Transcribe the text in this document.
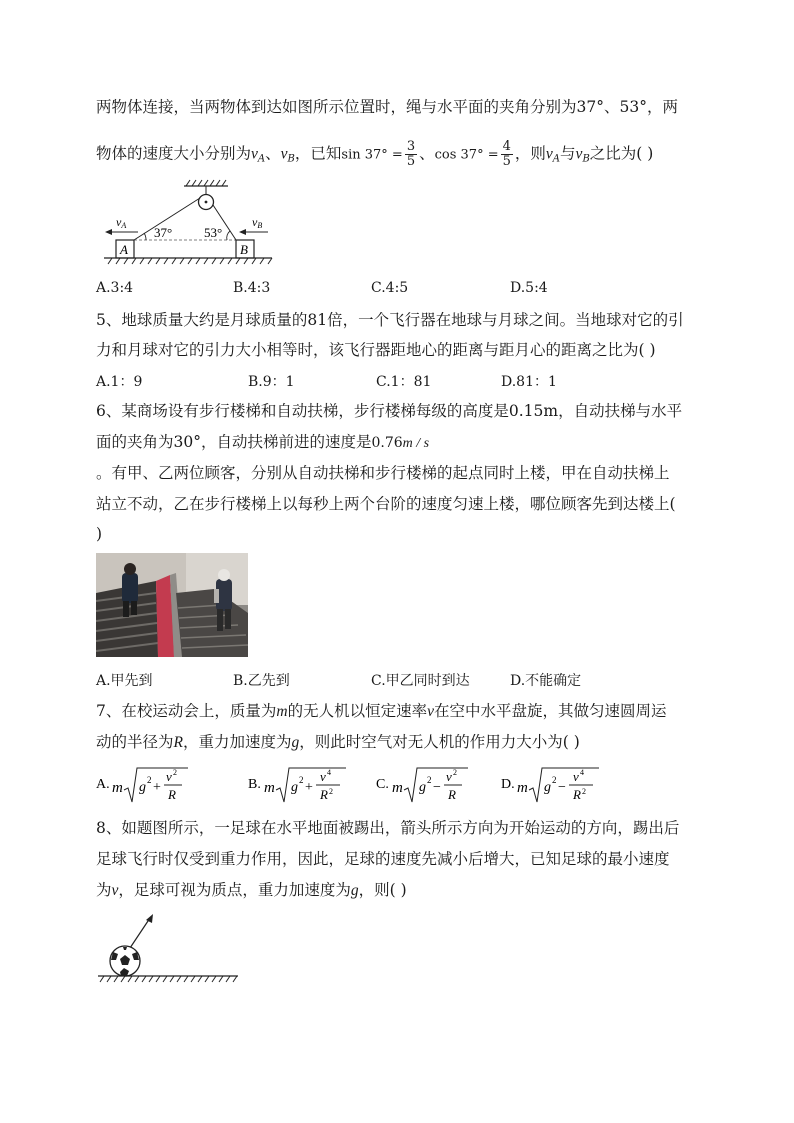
两物体连接，当两物体到达如图所示位置时，绳与水平面的夹角分别为37°、53°，两
物体的速度大小分别为$v_A$、$v_B$，已知$\sin 37^\circ = \frac{3}{5}$ 、$\cos 37^\circ = \frac{4}{5}$ ，则$v_A$与$v_B$之比为( )
37° 53°
A	B
vA	vB
A.3:4	B.4:3	C.4:5	D.5:4
5、地球质量大约是月球质量的81倍，一个飞行器在地球与月球之间。当地球对它的引
力和月球对它的引力大小相等时，该飞行器距地心的距离与距月心的距离之比为( )
A.1：9	B.9：1	C.1：81	D.81：1
6、某商场设有步行楼梯和自动扶梯，步行楼梯每级的高度是0.15m，自动扶梯与水平
面的夹角为30°，自动扶梯前进的速度是0.76m / s
。有甲、乙两位顾客，分别从自动扶梯和步行楼梯的起点同时上楼，甲在自动扶梯上
站立不动，乙在步行楼梯上以每秒上两个台阶的速度匀速上楼，哪位顾客先到达楼上(
)
A.甲先到	B.乙先到	C.甲乙同时到达	D.不能确定
7、在校运动会上，质量为m的无人机以恒定速率v在空中水平盘旋，其做匀速圆周运
动的半径为R，重力加速度为g，则此时空气对无人机的作用力大小为( )
A. m g 2 +
v 2
R
B. m g 2 +
v 4
R 2	C. m g 2 −
v 2
R
D. m g 2 −
v 4
R 2
8、如题图所示，一足球在水平地面被踢出，箭头所示方向为开始运动的方向，踢出后
足球飞行时仅受到重力作用，因此，足球的速度先减小后增大，已知足球的最小速度
为v，足球可视为质点，重力加速度为g，则( )
